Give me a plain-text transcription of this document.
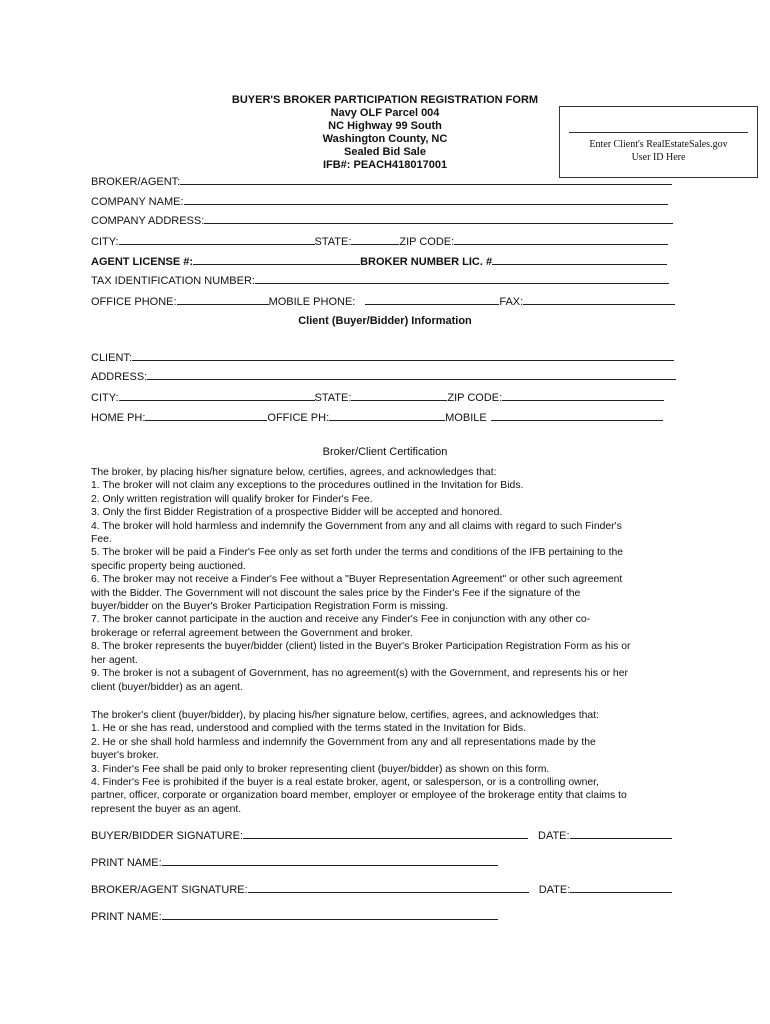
BUYER'S BROKER PARTICIPATION REGISTRATION FORM
Navy OLF Parcel 004
NC Highway 99 South
Washington County, NC
Sealed Bid Sale
IFB#: PEACH418017001
Enter Client's RealEstateSales.gov
User ID Here
BROKER/AGENT:
COMPANY NAME:
COMPANY ADDRESS:
CITY:	STATE:	ZIP CODE:
AGENT LICENSE #:	BROKER NUMBER LIC. #
TAX IDENTIFICATION NUMBER:
OFFICE PHONE:	MOBILE PHONE:	FAX:
Client (Buyer/Bidder) Information
CLIENT:
ADDRESS:
CITY:	STATE:	ZIP CODE:
HOME PH:	OFFICE PH:	MOBILE
Broker/Client Certification
The broker, by placing his/her signature below, certifies, agrees, and acknowledges that:
1. The broker will not claim any exceptions to the procedures outlined in the Invitation for Bids.
2. Only written registration will qualify broker for Finder's Fee.
3. Only the first Bidder Registration of a prospective Bidder will be accepted and honored.
4. The broker will hold harmless and indemnify the Government from any and all claims with regard to such Finder's
Fee.
5. The broker will be paid a Finder's Fee only as set forth under the terms and conditions of the IFB pertaining to the
specific property being auctioned.
6. The broker may not receive a Finder's Fee without a "Buyer Representation Agreement" or other such agreement
with the Bidder. The Government will not discount the sales price by the Finder's Fee if the signature of the
buyer/bidder on the Buyer's Broker Participation Registration Form is missing.
7. The broker cannot participate in the auction and receive any Finder's Fee in conjunction with any other co-
brokerage or referral agreement between the Government and broker.
8. The broker represents the buyer/bidder (client) listed in the Buyer's Broker Participation Registration Form as his or
her agent.
9. The broker is not a subagent of Government, has no agreement(s) with the Government, and represents his or her
client (buyer/bidder) as an agent.
The broker's client (buyer/bidder), by placing his/her signature below, certifies, agrees, and acknowledges that:
1. He or she has read, understood and complied with the terms stated in the Invitation for Bids.
2. He or she shall hold harmless and indemnify the Government from any and all representations made by the
buyer's broker.
3. Finder's Fee shall be paid only to broker representing client (buyer/bidder) as shown on this form.
4. Finder's Fee is prohibited if the buyer is a real estate broker, agent, or salesperson, or is a controlling owner,
partner, officer, corporate or organization board member, employer or employee of the brokerage entity that claims to
represent the buyer as an agent.
BUYER/BIDDER SIGNATURE:	DATE:
PRINT NAME:
BROKER/AGENT SIGNATURE:	DATE:
PRINT NAME:
